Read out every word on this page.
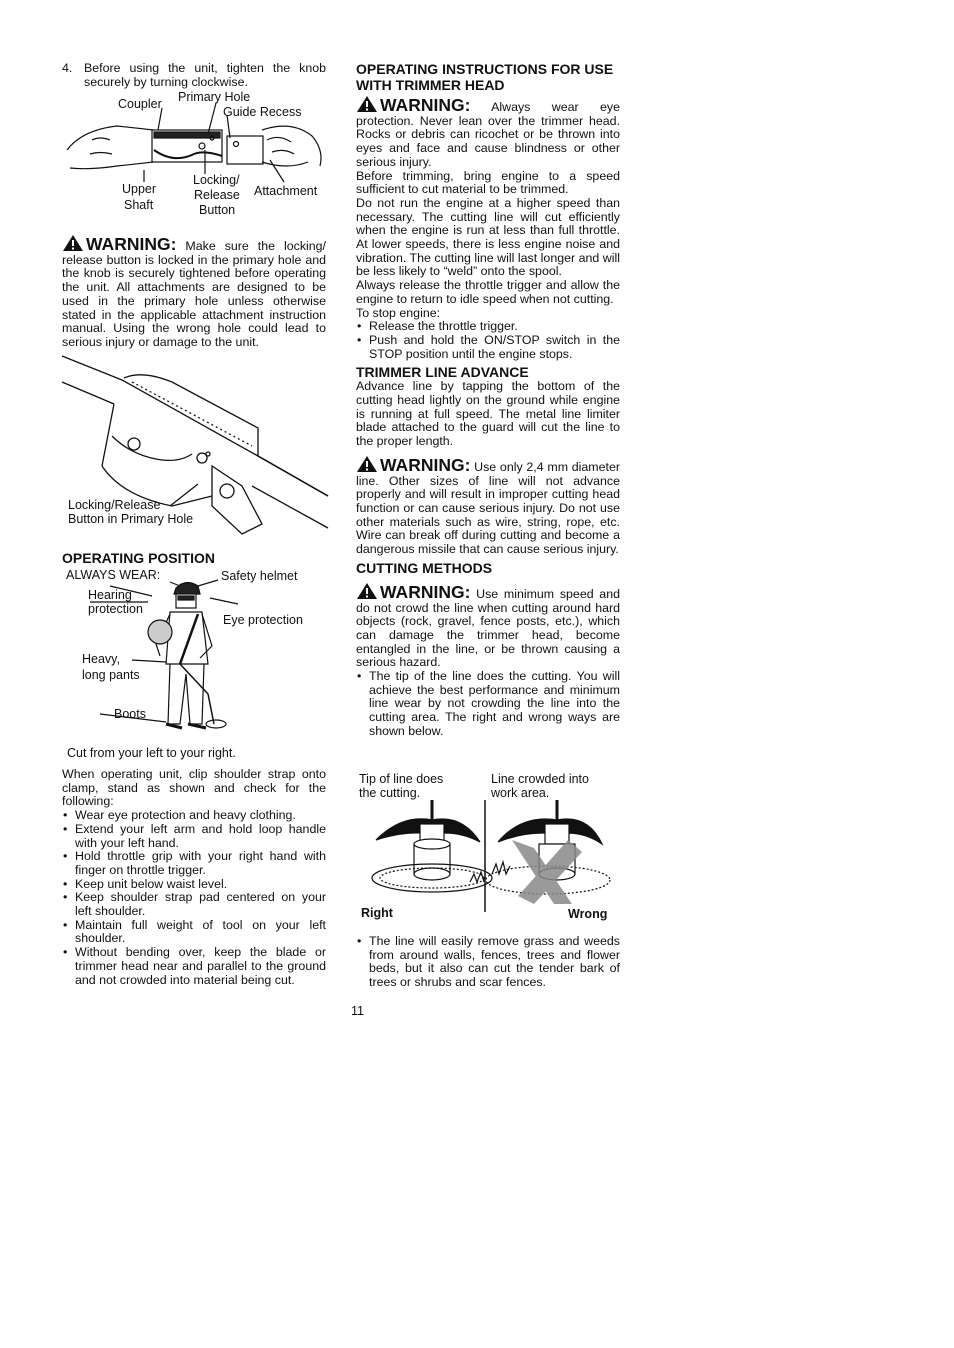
4. Before using the unit, tighten the knob securely by turning clockwise.

Coupler Primary Hole
Guide Recess
Upper
Shaft
Locking/
Release
Button
Attachment

WARNING: Make sure the locking/ release button is locked in the primary hole and the knob is securely tightened before operating the unit. All attachments are designed to be used in the primary hole unless otherwise stated in the applicable attachment instruction manual. Using the wrong hole could lead to serious injury or damage to the unit.

Locking/Release
Button in Primary Hole
OPERATING POSITION
ALWAYS WEAR:	Safety helmet
Hearing
protection
Eye protection
Heavy,
long pants
Boots
Cut from your left to your right.

When operating unit, clip shoulder strap onto clamp, stand as shown and check for the following:

• Wear eye protection and heavy clothing.
• Extend your left arm and hold loop handle with your left hand.
• Hold throttle grip with your right hand with finger on throttle trigger.
• Keep unit below waist level.
• Keep shoulder strap pad centered on your left shoulder.
• Maintain full weight of tool on your left shoulder.
• Without bending over, keep the blade or trimmer head near and parallel to the ground and not crowded into material being cut.
OPERATING INSTRUCTIONS FOR USE WITH TRIMMER HEAD

WARNING: Always wear eye protection. Never lean over the trimmer head. Rocks or debris can ricochet or be thrown into eyes and face and cause blindness or other serious injury.

Before trimming, bring engine to a speed sufficient to cut material to be trimmed.

Do not run the engine at a higher speed than necessary. The cutting line will cut efficiently when the engine is run at less than full throttle. At lower speeds, there is less engine noise and vibration. The cutting line will last longer and will be less likely to “weld” onto the spool.

Always release the throttle trigger and allow the engine to return to idle speed when not cutting.

To stop engine:

• Release the throttle trigger.
• Push and hold the ON/STOP switch in the STOP position until the engine stops.
TRIMMER LINE ADVANCE

Advance line by tapping the bottom of the cutting head lightly on the ground while engine is running at full speed. The metal line limiter blade attached to the guard will cut the line to the proper length.

WARNING: Use only 2,4 mm diameter line. Other sizes of line will not advance properly and will result in improper cutting head function or can cause serious injury. Do not use other materials such as wire, string, rope, etc. Wire can break off during cutting and become a dangerous missile that can cause serious injury.

CUTTING METHODS

WARNING: Use minimum speed and do not crowd the line when cutting around hard objects (rock, gravel, fence posts, etc.), which can damage the trimmer head, become entangled in the line, or be thrown causing a serious hazard.

• The tip of the line does the cutting. You will achieve the best performance and minimum line wear by not crowding the line into the cutting area. The right and wrong ways are shown below.
Tip of line does
the cutting.
Line crowded into
work area.
Right	Wrong
• The line will easily remove grass and weeds from around walls, fences, trees and flower beds, but it also can cut the tender bark of trees or shrubs and scar fences.
11
